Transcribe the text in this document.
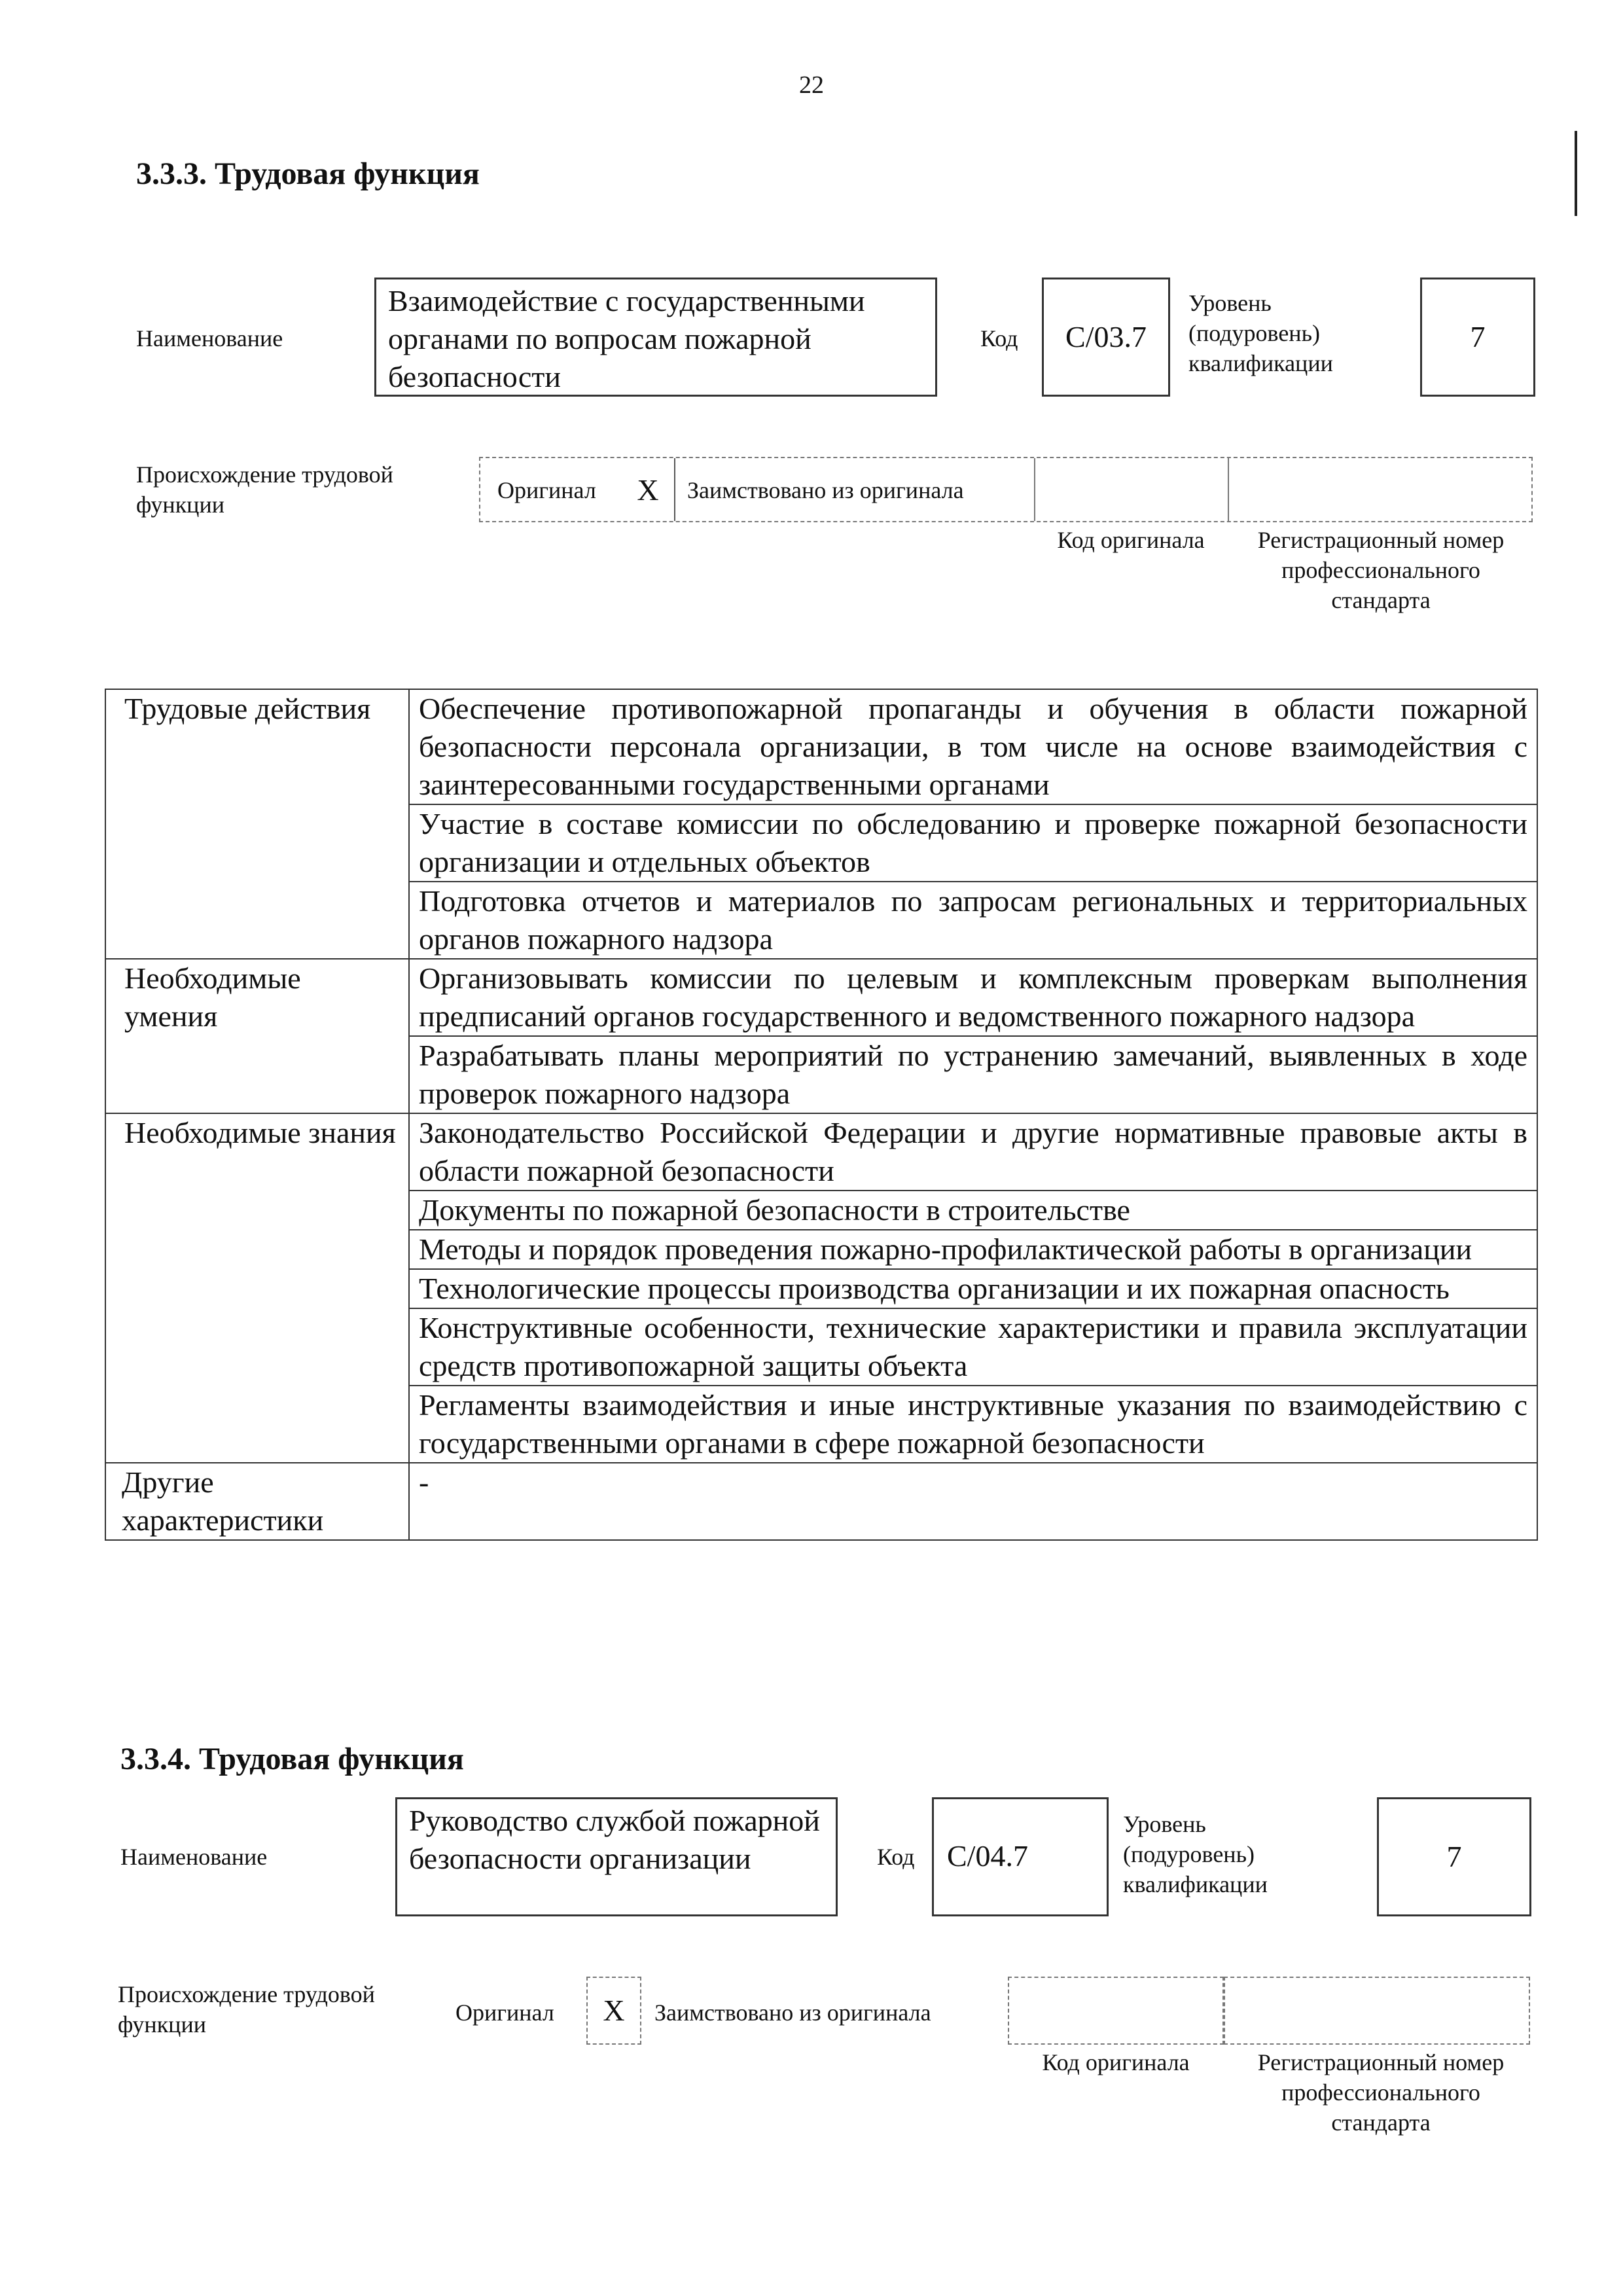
22
3.3.3. Трудовая функция
Наименование
Взаимодействие с государственными органами по вопросам пожарной безопасности
Код C/03.7
Уровень (подуровень) квалификации
7
Происхождение трудовой функции
Оригинал X	Заимствовано из оригинала
Код оригинала	Регистрационный номер профессионального стандарта
Трудовые действия	Обеспечение противопожарной пропаганды и обучения в области пожарной безопасности персонала организации, в том числе на основе взаимодействия с заинтересованными государственными органами
	Участие в составе комиссии по обследованию и проверке пожарной безопасности организации и отдельных объектов
	Подготовка отчетов и материалов по запросам региональных и территориальных органов пожарного надзора
Необходимые умения	Организовывать комиссии по целевым и комплексным проверкам выполнения предписаний органов государственного и ведомственного пожарного надзора
	Разрабатывать планы мероприятий по устранению замечаний, выявленных в ходе проверок пожарного надзора
Необходимые знания	Законодательство Российской Федерации и другие нормативные правовые акты в области пожарной безопасности
	Документы по пожарной безопасности в строительстве
	Методы и порядок проведения пожарно-профилактической работы в организации
	Технологические процессы производства организации и их пожарная опасность
	Конструктивные особенности, технические характеристики и правила эксплуатации средств противопожарной защиты объекта
	Регламенты взаимодействия и иные инструктивные указания по взаимодействию с государственными органами в сфере пожарной безопасности
Другие характеристики	-
3.3.4. Трудовая функция
Наименование
Руководство службой пожарной безопасности организации	Код	C/04.7
Уровень (подуровень) квалификации
7
Происхождение трудовой функции	Оригинал X Заимствовано из оригинала
Код оригинала	Регистрационный номер профессионального стандарта
